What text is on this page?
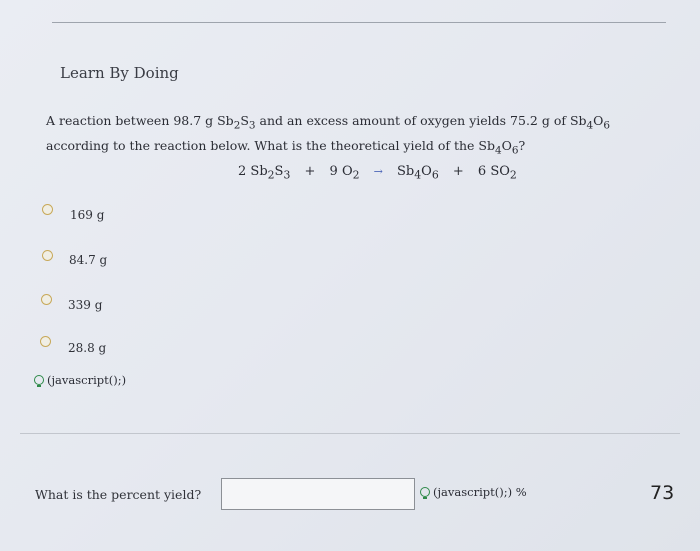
Learn By Doing
A reaction between 98.7 g $Sb_2S_3$ and an excess amount of oxygen yields 75.2 g of $Sb_4O_6$ according to the reaction below. What is the theoretical yield of the $Sb_4O_6$?
2 $Sb_2S_3 + 9$ $O_2 \to Sb_4O_6 + 6$ $SO_2$
169 g
84.7 g
339 g
28.8 g
(javascript();)
What is the percent yield?	(javascript();) %	73
